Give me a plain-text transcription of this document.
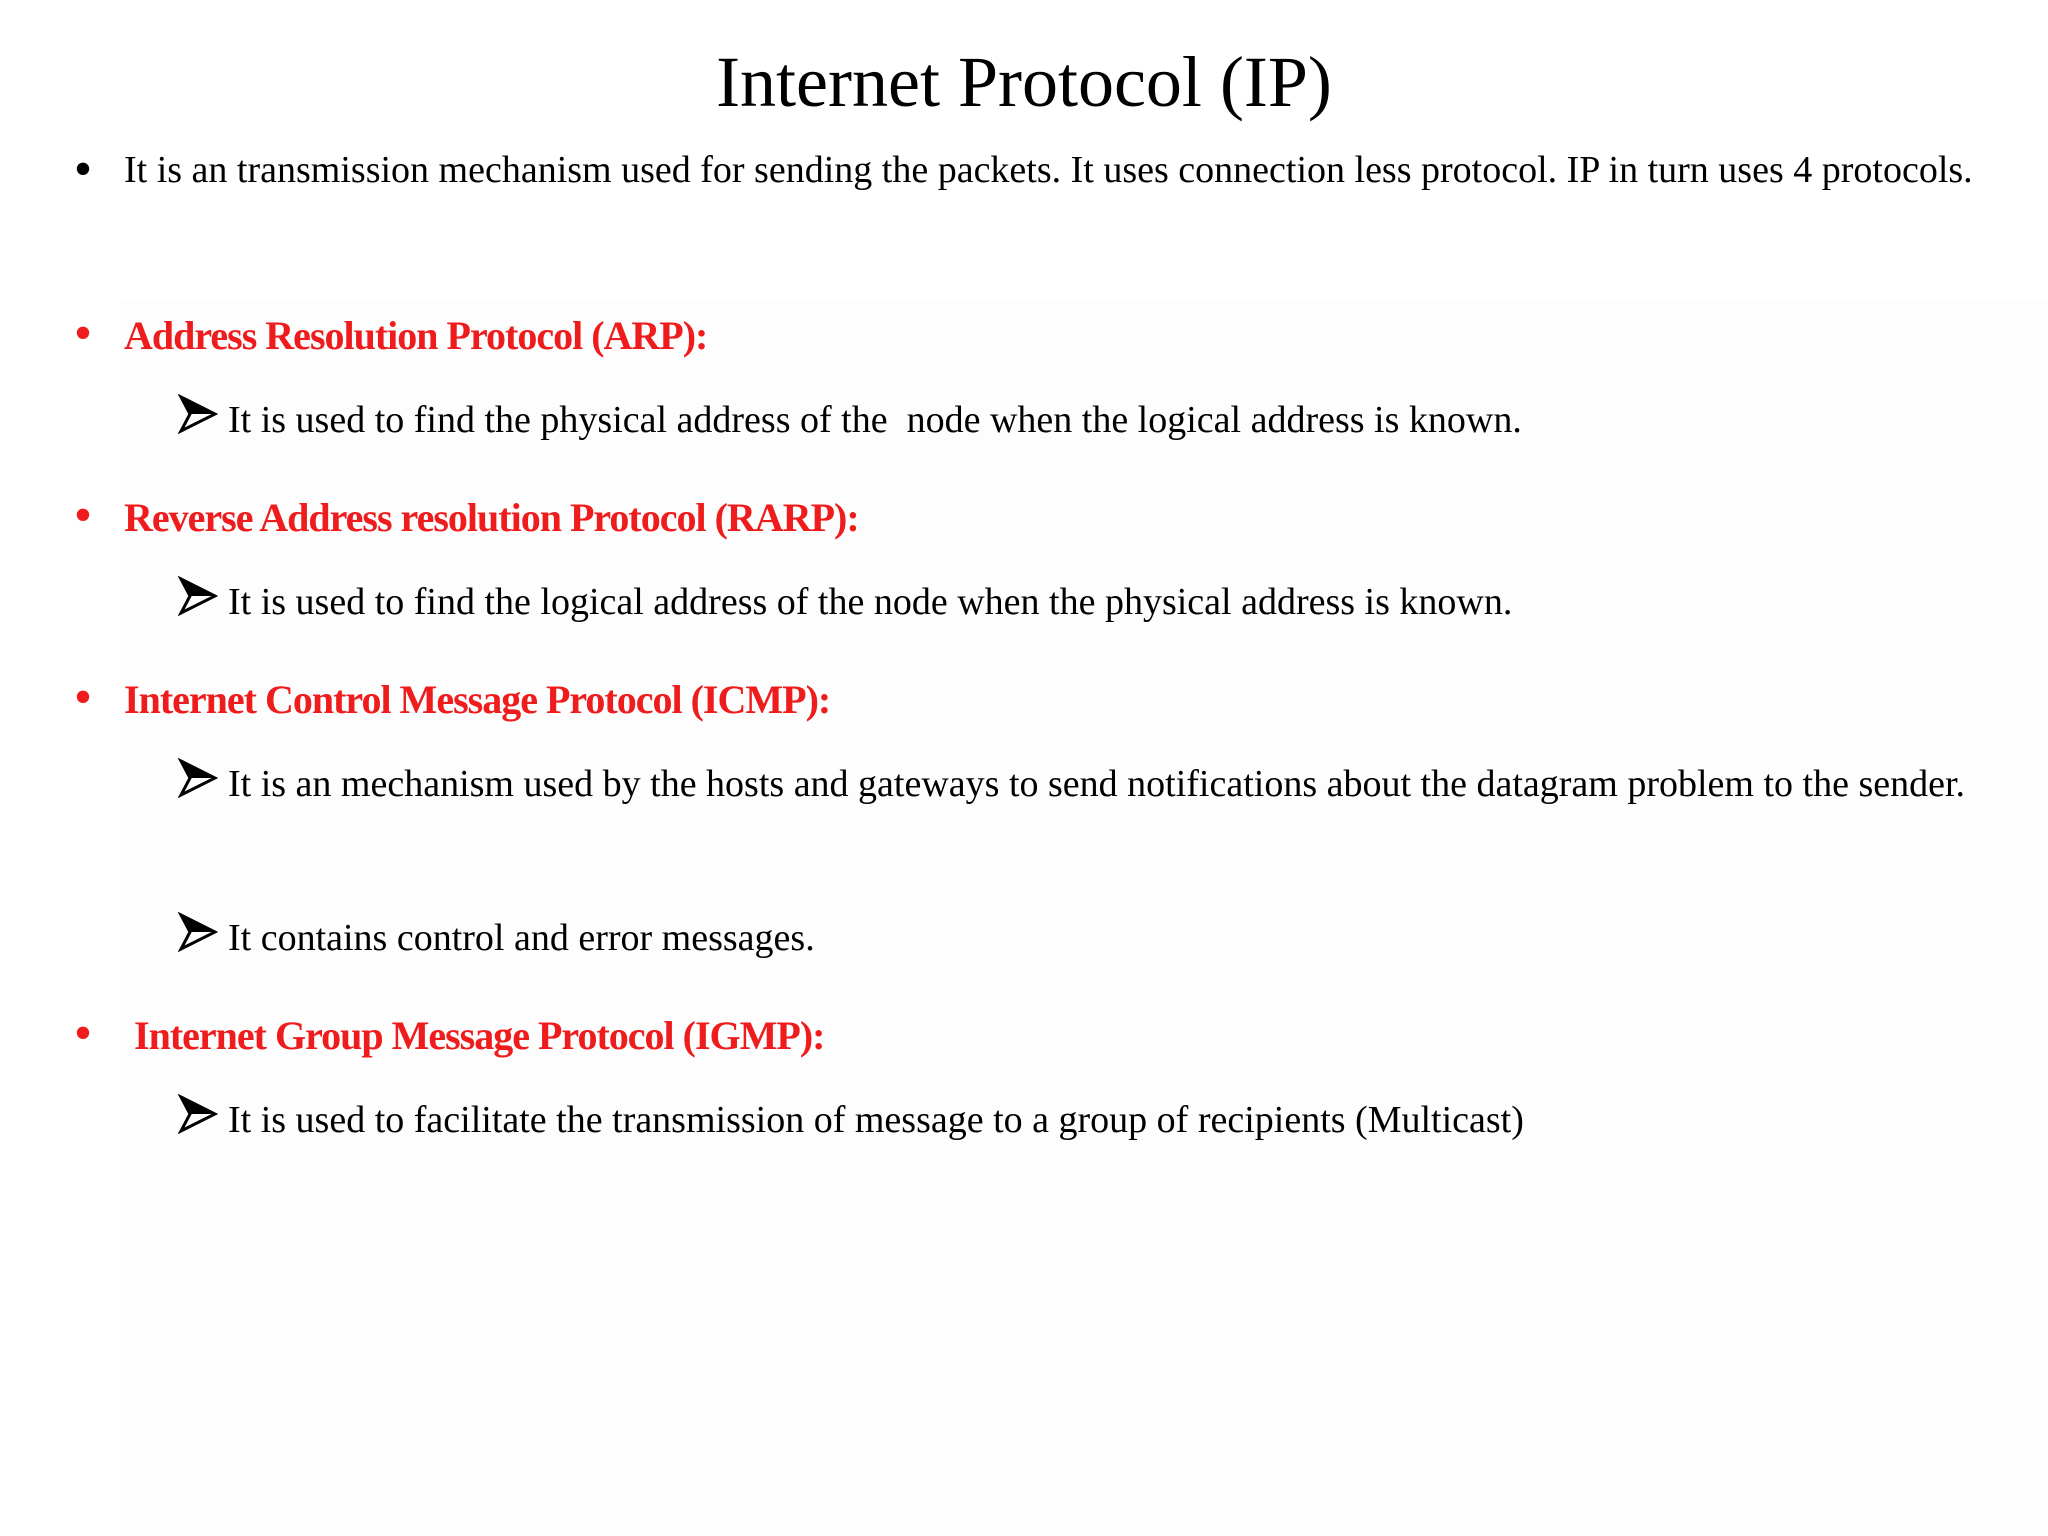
Internet Protocol (IP)
• It is an transmission mechanism used for sending the packets. It uses connection less protocol. IP in turn uses 4 protocols.
• Address Resolution Protocol (ARP):
It is used to find the physical address of the  node when the logical address is known.
• Reverse Address resolution Protocol (RARP):
It is used to find the logical address of the node when the physical address is known.
• Internet Control Message Protocol (ICMP):
It is an mechanism used by the hosts and gateways to send notifications about the datagram problem to the sender.
It contains control and error messages.
• Internet Group Message Protocol (IGMP):
It is used to facilitate the transmission of message to a group of recipients (Multicast)
